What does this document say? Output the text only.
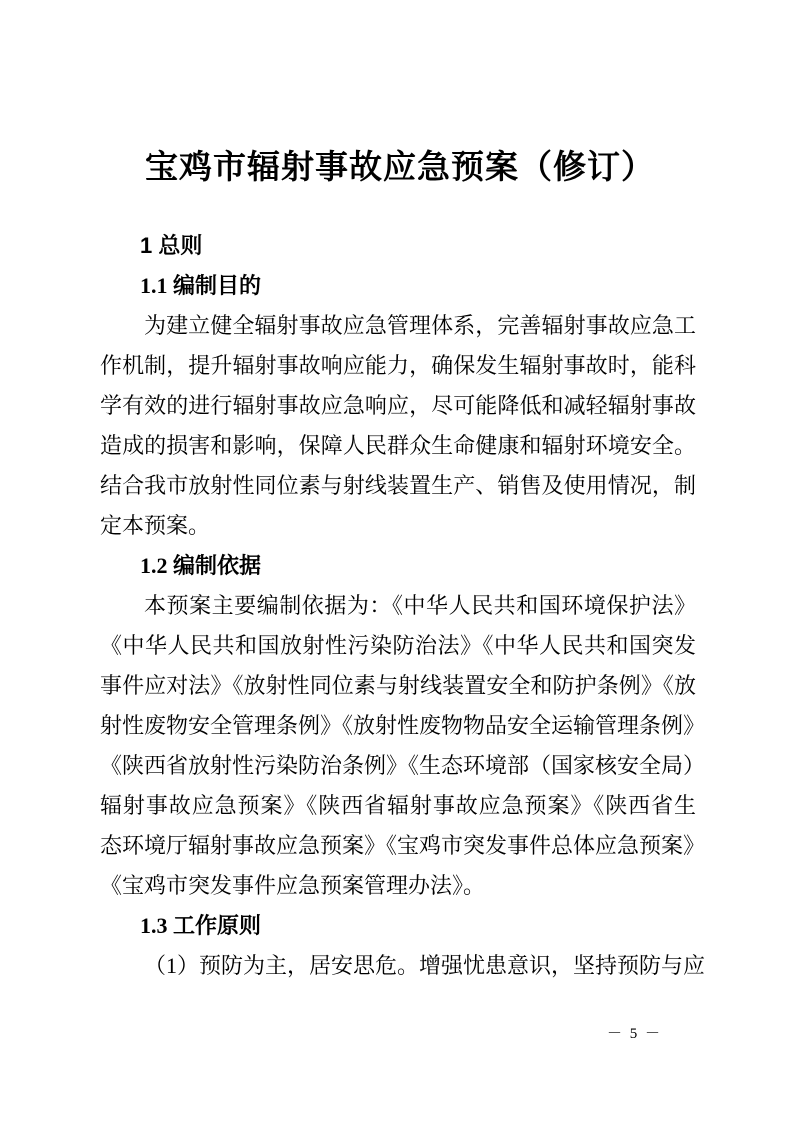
宝鸡市辐射事故应急预案（修订）
1 总则
1.1 编制目的
为建立健全辐射事故应急管理体系，完善辐射事故应急工
作机制，提升辐射事故响应能力，确保发生辐射事故时，能科
学有效的进行辐射事故应急响应，尽可能降低和减轻辐射事故
造成的损害和影响，保障人民群众生命健康和辐射环境安全。
结合我市放射性同位素与射线装置生产、销售及使用情况，制
定本预案。
1.2 编制依据
本预案主要编制依据为：《中华人民共和国环境保护法》
《中华人民共和国放射性污染防治法》《中华人民共和国突发
事件应对法》《放射性同位素与射线装置安全和防护条例》《放
射性废物安全管理条例》《放射性废物物品安全运输管理条例》
《陕西省放射性污染防治条例》《生态环境部（国家核安全局）
辐射事故应急预案》《陕西省辐射事故应急预案》《陕西省生
态环境厅辐射事故应急预案》《宝鸡市突发事件总体应急预案》
《宝鸡市突发事件应急预案管理办法》。
1.3 工作原则
（1）预防为主，居安思危。增强忧患意识，坚持预防与应
－ 5 －
